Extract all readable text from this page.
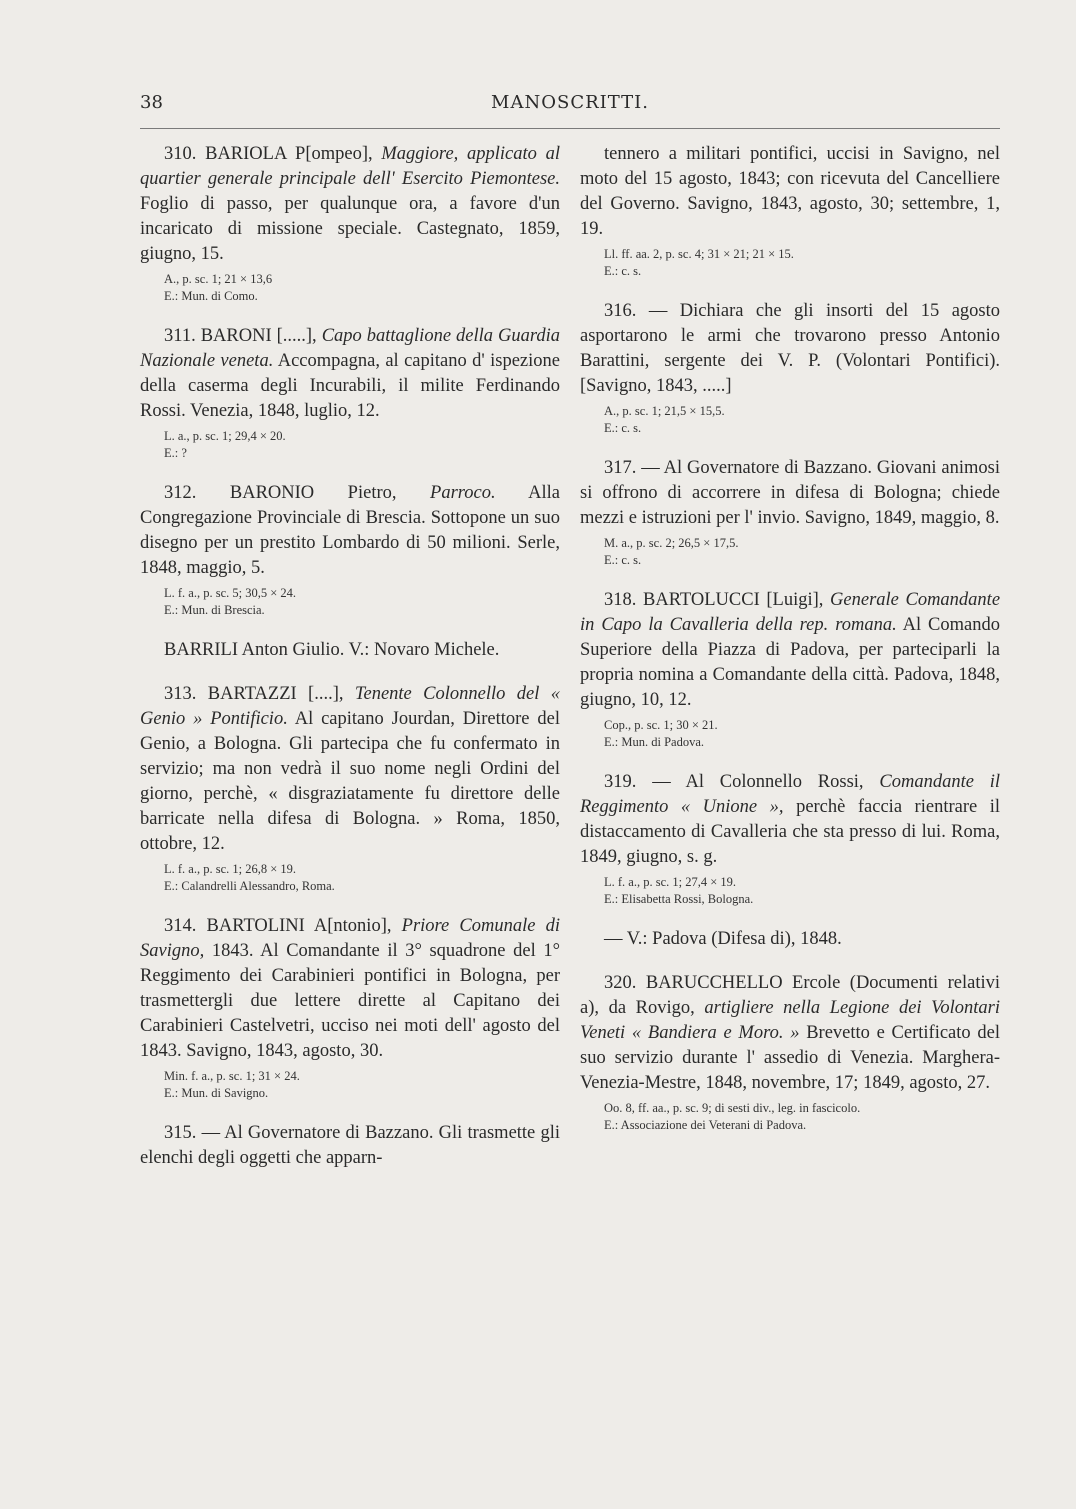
38	MANOSCRITTI.
310. BARIOLA P[ompeo], Maggiore, applicato al quartier generale principale dell' Esercito Piemontese. Foglio di passo, per qualunque ora, a favore d'un incaricato di missione speciale. Castegnato, 1859, giugno, 15.
A., p. sc. 1; 21 × 13,6
E.: Mun. di Como.
311. BARONI [.....], Capo battaglione della Guardia Nazionale veneta. Accompagna, al capitano d' ispezione della caserma degli Incurabili, il milite Ferdinando Rossi. Venezia, 1848, luglio, 12.
L. a., p. sc. 1; 29,4 × 20.
E.: ?
312. BARONIO Pietro, Parroco. Alla Congregazione Provinciale di Brescia. Sottopone un suo disegno per un prestito Lombardo di 50 milioni. Serle, 1848, maggio, 5.
L. f. a., p. sc. 5; 30,5 × 24.
E.: Mun. di Brescia.
BARRILI Anton Giulio. V.: Novaro Michele.
313. BARTAZZI [....], Tenente Colonnello del « Genio » Pontificio. Al capitano Jourdan, Direttore del Genio, a Bologna. Gli partecipa che fu confermato in servizio; ma non vedrà il suo nome negli Ordini del giorno, perchè, « disgraziatamente fu direttore delle barricate nella difesa di Bologna. » Roma, 1850, ottobre, 12.
L. f. a., p. sc. 1; 26,8 × 19.
E.: Calandrelli Alessandro, Roma.
314. BARTOLINI A[ntonio], Priore Comunale di Savigno, 1843. Al Comandante il 3° squadrone del 1° Reggimento dei Carabinieri pontifici in Bologna, per trasmettergli due lettere dirette al Capitano dei Carabinieri Castelvetri, ucciso nei moti dell' agosto del 1843. Savigno, 1843, agosto, 30.
Min. f. a., p. sc. 1; 31 × 24.
E.: Mun. di Savigno.
315. — Al Governatore di Bazzano. Gli trasmette gli elenchi degli oggetti che apparn-
tennero a militari pontifici, uccisi in Savigno, nel moto del 15 agosto, 1843; con ricevuta del Cancelliere del Governo. Savigno, 1843, agosto, 30; settembre, 1, 19.
Ll. ff. aa. 2, p. sc. 4; 31 × 21; 21 × 15.
E.: c. s.
316. — Dichiara che gli insorti del 15 agosto asportarono le armi che trovarono presso Antonio Barattini, sergente dei V. P. (Volontari Pontifici). [Savigno, 1843, .....]
A., p. sc. 1; 21,5 × 15,5.
E.: c. s.
317. — Al Governatore di Bazzano. Giovani animosi si offrono di accorrere in difesa di Bologna; chiede mezzi e istruzioni per l' invio. Savigno, 1849, maggio, 8.
M. a., p. sc. 2; 26,5 × 17,5.
E.: c. s.
318. BARTOLUCCI [Luigi], Generale Comandante in Capo la Cavalleria della rep. romana. Al Comando Superiore della Piazza di Padova, per parteciparli la propria nomina a Comandante della città. Padova, 1848, giugno, 10, 12.
Cop., p. sc. 1; 30 × 21.
E.: Mun. di Padova.
319. — Al Colonnello Rossi, Comandante il Reggimento « Unione », perchè faccia rientrare il distaccamento di Cavalleria che sta presso di lui. Roma, 1849, giugno, s. g.
L. f. a., p. sc. 1; 27,4 × 19.
E.: Elisabetta Rossi, Bologna.
— V.: Padova (Difesa di), 1848.
320. BARUCCHELLO Ercole (Documenti relativi a), da Rovigo, artigliere nella Legione dei Volontari Veneti « Bandiera e Moro. » Brevetto e Certificato del suo servizio durante l' assedio di Venezia. Marghera-Venezia-Mestre, 1848, novembre, 17; 1849, agosto, 27.
Oo. 8, ff. aa., p. sc. 9; di sesti div., leg. in fascicolo.
E.: Associazione dei Veterani di Padova.
